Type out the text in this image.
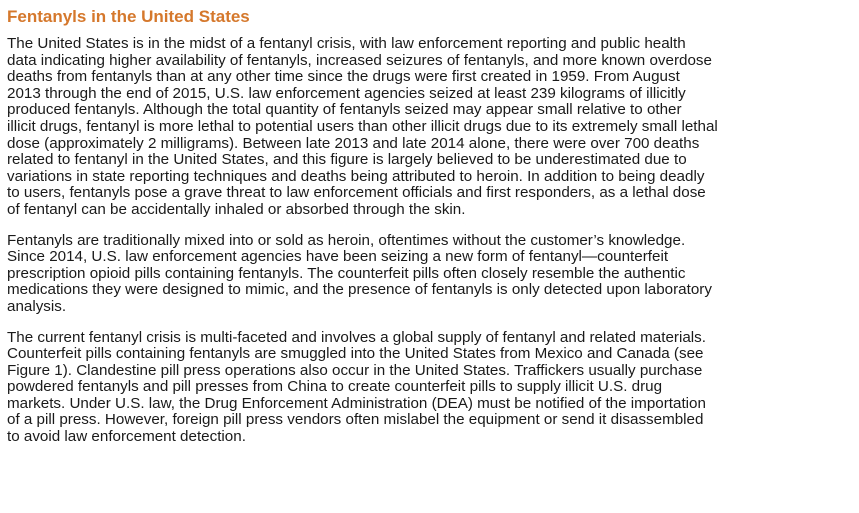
Fentanyls in the United States

The United States is in the midst of a fentanyl crisis, with law enforcement reporting and public health
data indicating higher availability of fentanyls, increased seizures of fentanyls, and more known overdose
deaths from fentanyls than at any other time since the drugs were first created in 1959. From August
2013 through the end of 2015, U.S. law enforcement agencies seized at least 239 kilograms of illicitly
produced fentanyls. Although the total quantity of fentanyls seized may appear small relative to other
illicit drugs, fentanyl is more lethal to potential users than other illicit drugs due to its extremely small lethal
dose (approximately 2 milligrams). Between late 2013 and late 2014 alone, there were over 700 deaths
related to fentanyl in the United States, and this figure is largely believed to be underestimated due to
variations in state reporting techniques and deaths being attributed to heroin. In addition to being deadly
to users, fentanyls pose a grave threat to law enforcement officials and first responders, as a lethal dose
of fentanyl can be accidentally inhaled or absorbed through the skin.

Fentanyls are traditionally mixed into or sold as heroin, oftentimes without the customer’s knowledge.
Since 2014, U.S. law enforcement agencies have been seizing a new form of fentanyl—counterfeit
prescription opioid pills containing fentanyls. The counterfeit pills often closely resemble the authentic
medications they were designed to mimic, and the presence of fentanyls is only detected upon laboratory
analysis.

The current fentanyl crisis is multi-faceted and involves a global supply of fentanyl and related materials.
Counterfeit pills containing fentanyls are smuggled into the United States from Mexico and Canada (see
Figure 1). Clandestine pill press operations also occur in the United States. Traffickers usually purchase
powdered fentanyls and pill presses from China to create counterfeit pills to supply illicit U.S. drug
markets. Under U.S. law, the Drug Enforcement Administration (DEA) must be notified of the importation
of a pill press. However, foreign pill press vendors often mislabel the equipment or send it disassembled
to avoid law enforcement detection.
